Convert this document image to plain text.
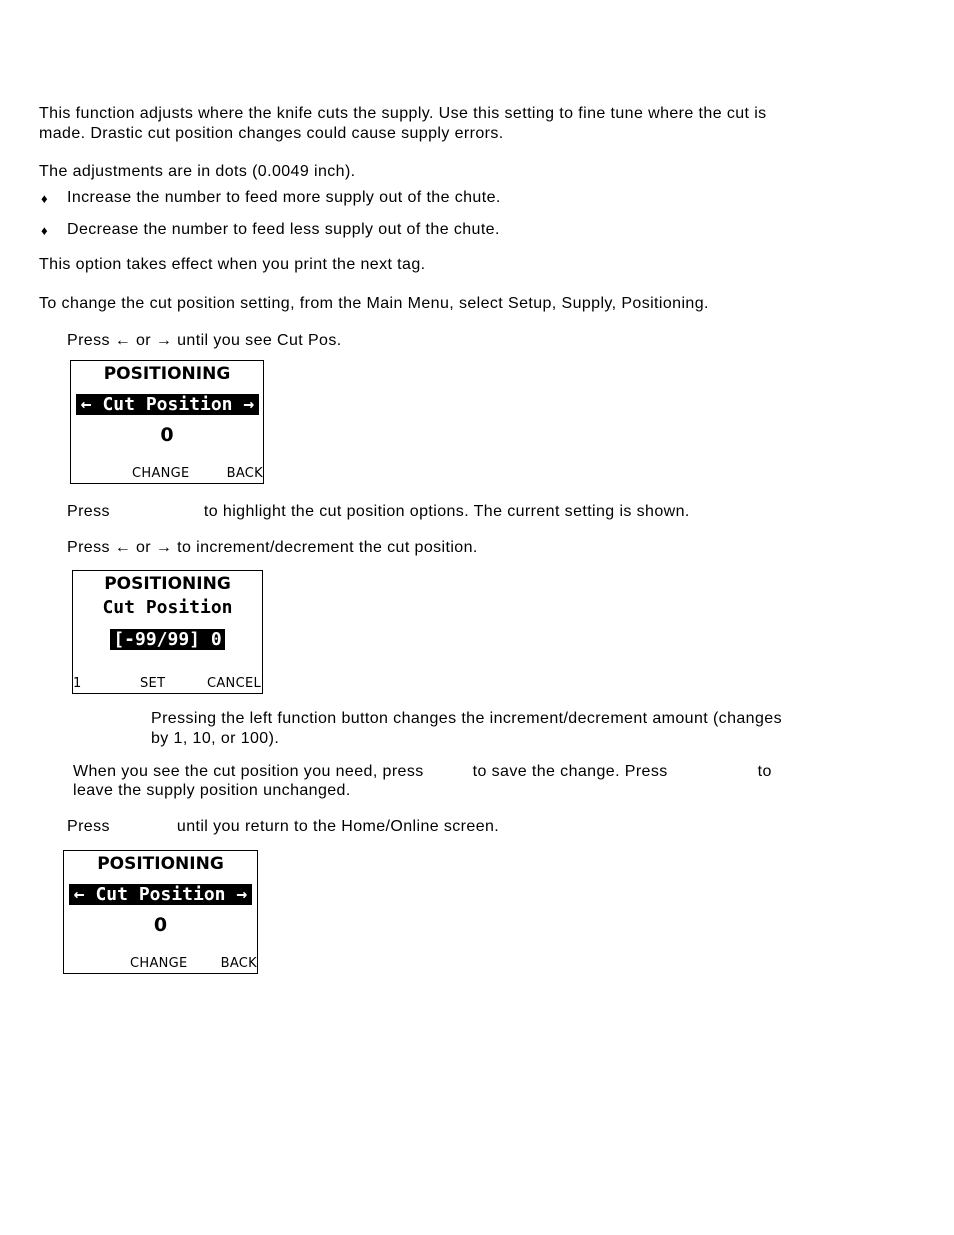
This function adjusts where the knife cuts the supply. Use this setting to fine tune where the cut is
made. Drastic cut position changes could cause supply errors.
The adjustments are in dots (0.0049 inch).
♦ Increase the number to feed more supply out of the chute.
♦ Decrease the number to feed less supply out of the chute.
This option takes effect when you print the next tag.
To change the cut position setting, from the Main Menu, select Setup, Supply, Positioning.
Press ← or → until you see Cut Pos.
POSITIONING
← Cut Position →
0
CHANGE	BACK
Press	to highlight the cut position options. The current setting is shown.
Press ← or → to increment/decrement the cut position.
POSITIONING
Cut Position
[-99/99] 0
1	SET	CANCEL
Pressing the left function button changes the increment/decrement amount (changes
by 1, 10, or 100).
When you see the cut position you need, press	to save the change. Press	to
leave the supply position unchanged.
Press	until you return to the Home/Online screen.
POSITIONING
← Cut Position →
0
CHANGE	BACK
